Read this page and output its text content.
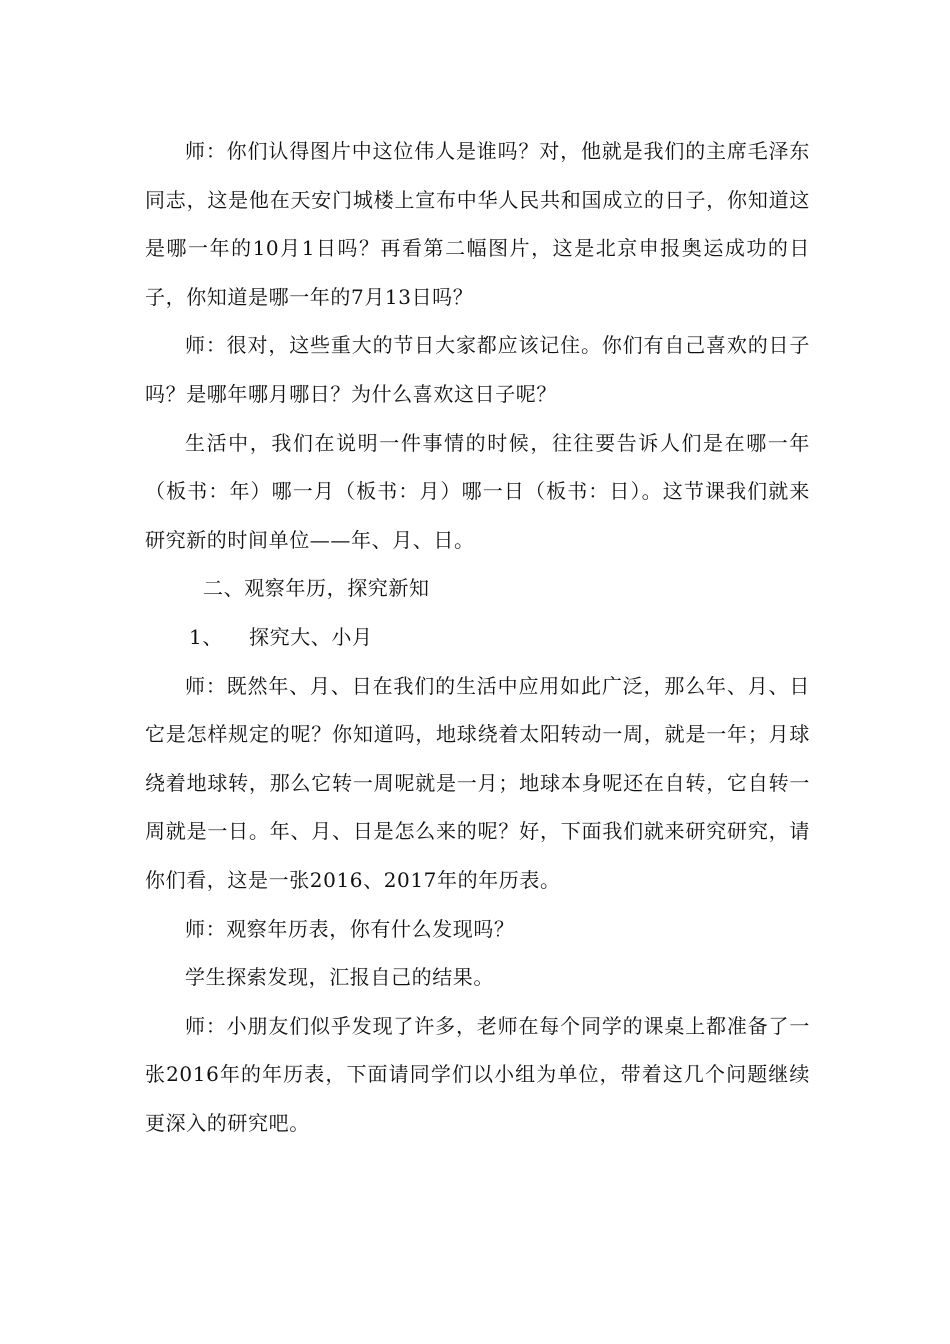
师：你们认得图片中这位伟人是谁吗？对，他就是我们的主席毛泽东同志，这是他在天安门城楼上宣布中华人民共和国成立的日子，你知道这是哪一年的10月1日吗？再看第二幅图片，这是北京申报奥运成功的日子，你知道是哪一年的7月13日吗？

师：很对，这些重大的节日大家都应该记住。你们有自己喜欢的日子吗？是哪年哪月哪日？为什么喜欢这日子呢？

生活中，我们在说明一件事情的时候，往往要告诉人们是在哪一年（板书：年）哪一月（板书：月）哪一日（板书：日）。这节课我们就来研究新的时间单位——年、月、日。

二、观察年历，探究新知

1、 探究大、小月

师：既然年、月、日在我们的生活中应用如此广泛，那么年、月、日它是怎样规定的呢？你知道吗，地球绕着太阳转动一周，就是一年；月球绕着地球转，那么它转一周呢就是一月；地球本身呢还在自转，它自转一周就是一日。年、月、日是怎么来的呢？好，下面我们就来研究研究，请你们看，这是一张2016、2017年的年历表。

师：观察年历表，你有什么发现吗？

学生探索发现，汇报自己的结果。

师：小朋友们似乎发现了许多，老师在每个同学的课桌上都准备了一张2016年的年历表，下面请同学们以小组为单位，带着这几个问题继续更深入的研究吧。
